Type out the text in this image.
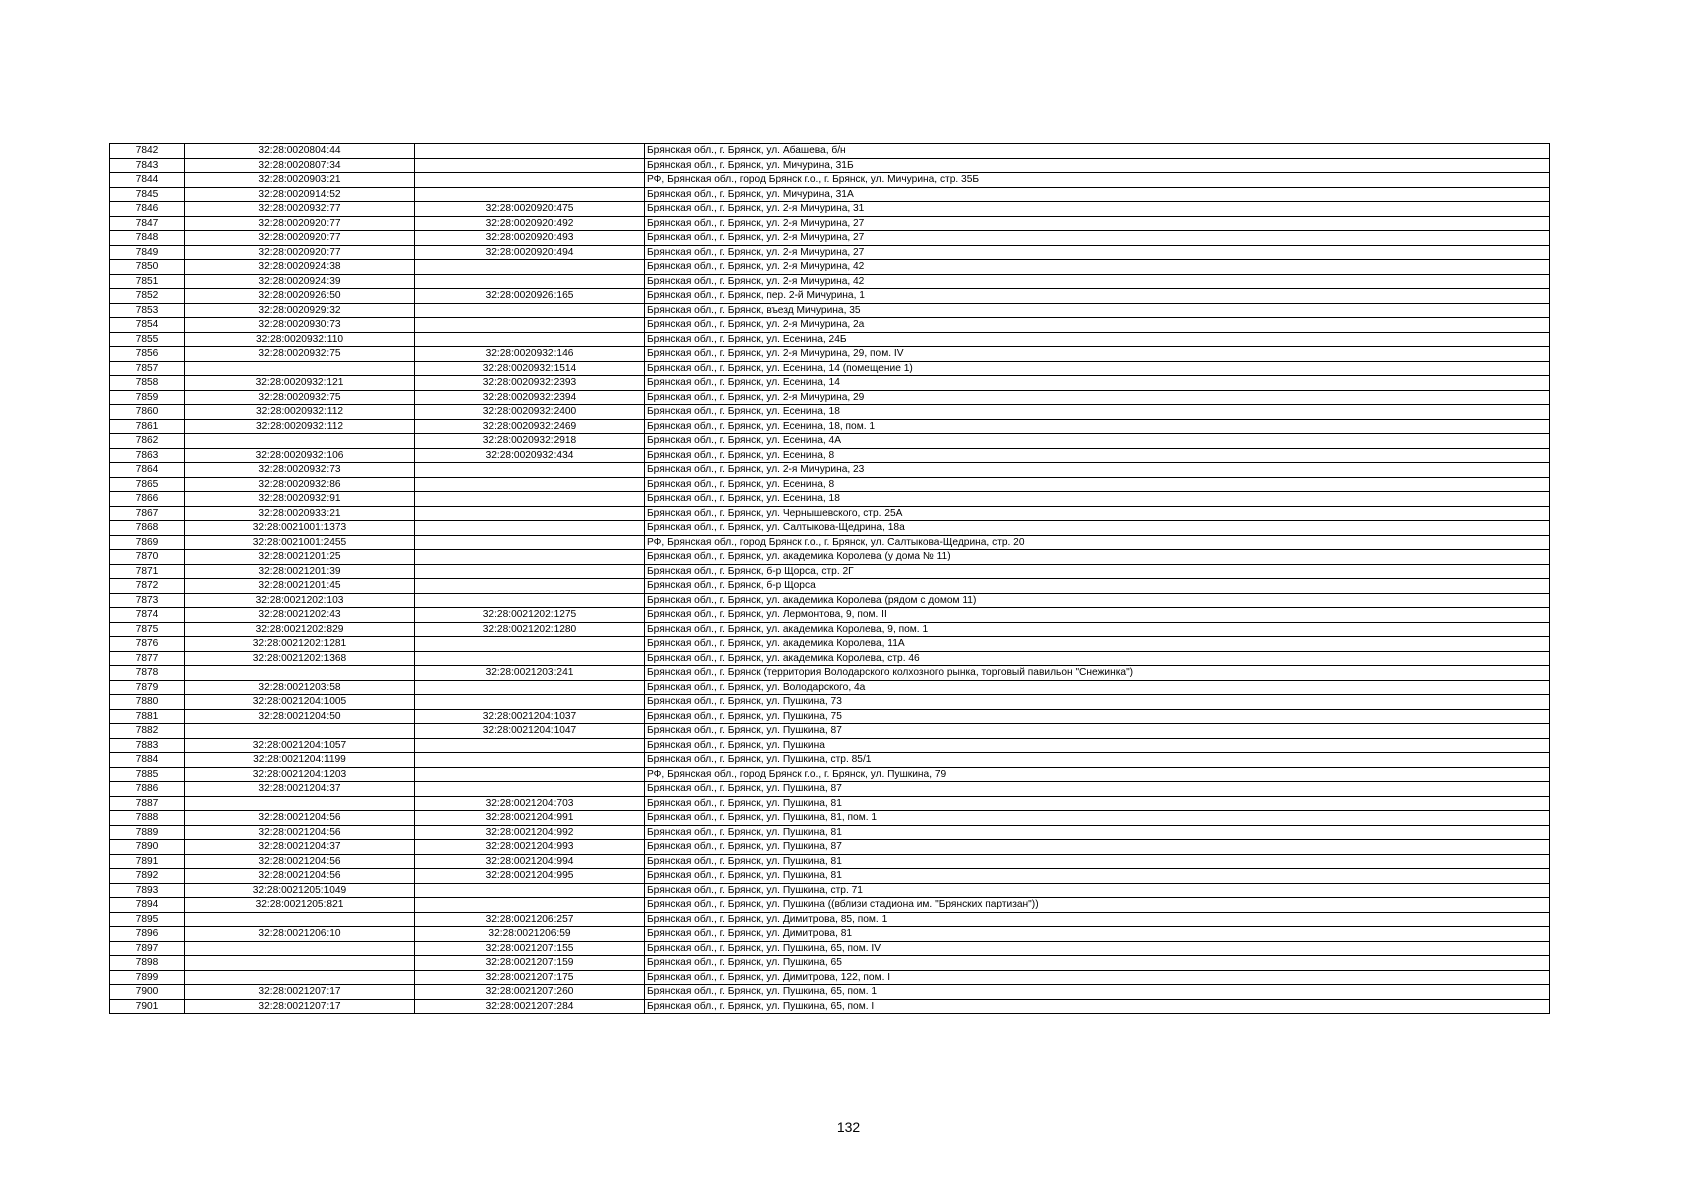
7842	32:28:0020804:44		Брянская обл., г. Брянск, ул. Абашева, б/н
7843	32:28:0020807:34		Брянская обл., г. Брянск, ул. Мичурина, 31Б
7844	32:28:0020903:21		РФ, Брянская обл., город Брянск г.о., г. Брянск, ул. Мичурина, стр. 35Б
7845	32:28:0020914:52		Брянская обл., г. Брянск, ул. Мичурина, 31А
7846	32:28:0020932:77	32:28:0020920:475	Брянская обл., г. Брянск, ул. 2-я Мичурина, 31
7847	32:28:0020920:77	32:28:0020920:492	Брянская обл., г. Брянск, ул. 2-я Мичурина, 27
7848	32:28:0020920:77	32:28:0020920:493	Брянская обл., г. Брянск, ул. 2-я Мичурина, 27
7849	32:28:0020920:77	32:28:0020920:494	Брянская обл., г. Брянск, ул. 2-я Мичурина, 27
7850	32:28:0020924:38		Брянская обл., г. Брянск, ул. 2-я Мичурина, 42
7851	32:28:0020924:39		Брянская обл., г. Брянск, ул. 2-я Мичурина, 42
7852	32:28:0020926:50	32:28:0020926:165	Брянская обл., г. Брянск, пер. 2-й Мичурина, 1
7853	32:28:0020929:32		Брянская обл., г. Брянск, въезд Мичурина, 35
7854	32:28:0020930:73		Брянская обл., г. Брянск, ул. 2-я Мичурина, 2а
7855	32:28:0020932:110		Брянская обл., г. Брянск, ул. Есенина, 24Б
7856	32:28:0020932:75	32:28:0020932:146	Брянская обл., г. Брянск, ул. 2-я Мичурина, 29, пом. IV
7857		32:28:0020932:1514	Брянская обл., г. Брянск, ул. Есенина, 14 (помещение 1)
7858	32:28:0020932:121	32:28:0020932:2393	Брянская обл., г. Брянск, ул. Есенина, 14
7859	32:28:0020932:75	32:28:0020932:2394	Брянская обл., г. Брянск, ул. 2-я Мичурина, 29
7860	32:28:0020932:112	32:28:0020932:2400	Брянская обл., г. Брянск, ул. Есенина, 18
7861	32:28:0020932:112	32:28:0020932:2469	Брянская обл., г. Брянск, ул. Есенина, 18, пом. 1
7862		32:28:0020932:2918	Брянская обл., г. Брянск, ул. Есенина, 4А
7863	32:28:0020932:106	32:28:0020932:434	Брянская обл., г. Брянск, ул. Есенина, 8
7864	32:28:0020932:73		Брянская обл., г. Брянск, ул. 2-я Мичурина, 23
7865	32:28:0020932:86		Брянская обл., г. Брянск, ул. Есенина, 8
7866	32:28:0020932:91		Брянская обл., г. Брянск, ул. Есенина, 18
7867	32:28:0020933:21		Брянская обл., г. Брянск, ул. Чернышевского, стр. 25А
7868	32:28:0021001:1373		Брянская обл., г. Брянск, ул. Салтыкова-Щедрина, 18а
7869	32:28:0021001:2455		РФ, Брянская обл., город Брянск г.о., г. Брянск, ул. Салтыкова-Щедрина, стр. 20
7870	32:28:0021201:25		Брянская обл., г. Брянск, ул. академика Королева (у дома № 11)
7871	32:28:0021201:39		Брянская обл., г. Брянск, б-р Щорса, стр. 2Г
7872	32:28:0021201:45		Брянская обл., г. Брянск, б-р Щорса
7873	32:28:0021202:103		Брянская обл., г. Брянск, ул. академика Королева (рядом с домом 11)
7874	32:28:0021202:43	32:28:0021202:1275	Брянская обл., г. Брянск, ул. Лермонтова, 9, пом. II
7875	32:28:0021202:829	32:28:0021202:1280	Брянская обл., г. Брянск, ул. академика Королева, 9, пом. 1
7876	32:28:0021202:1281		Брянская обл., г. Брянск, ул. академика Королева, 11А
7877	32:28:0021202:1368		Брянская обл., г. Брянск, ул. академика Королева, стр. 46
7878		32:28:0021203:241	Брянская обл., г. Брянск (территория Володарского колхозного рынка, торговый павильон "Снежинка")
7879	32:28:0021203:58		Брянская обл., г. Брянск, ул. Володарского, 4а
7880	32:28:0021204:1005		Брянская обл., г. Брянск, ул. Пушкина, 73
7881	32:28:0021204:50	32:28:0021204:1037	Брянская обл., г. Брянск, ул. Пушкина, 75
7882		32:28:0021204:1047	Брянская обл., г. Брянск, ул. Пушкина, 87
7883	32:28:0021204:1057		Брянская обл., г. Брянск, ул. Пушкина
7884	32:28:0021204:1199		Брянская обл., г. Брянск, ул. Пушкина, стр. 85/1
7885	32:28:0021204:1203		РФ, Брянская обл., город Брянск г.о., г. Брянск, ул. Пушкина, 79
7886	32:28:0021204:37		Брянская обл., г. Брянск, ул. Пушкина, 87
7887		32:28:0021204:703	Брянская обл., г. Брянск, ул. Пушкина, 81
7888	32:28:0021204:56	32:28:0021204:991	Брянская обл., г. Брянск, ул. Пушкина, 81, пом. 1
7889	32:28:0021204:56	32:28:0021204:992	Брянская обл., г. Брянск, ул. Пушкина, 81
7890	32:28:0021204:37	32:28:0021204:993	Брянская обл., г. Брянск, ул. Пушкина, 87
7891	32:28:0021204:56	32:28:0021204:994	Брянская обл., г. Брянск, ул. Пушкина, 81
7892	32:28:0021204:56	32:28:0021204:995	Брянская обл., г. Брянск, ул. Пушкина, 81
7893	32:28:0021205:1049		Брянская обл., г. Брянск, ул. Пушкина, стр. 71
7894	32:28:0021205:821		Брянская обл., г. Брянск, ул. Пушкина ((вблизи стадиона им. "Брянских партизан"))
7895		32:28:0021206:257	Брянская обл., г. Брянск, ул. Димитрова, 85, пом. 1
7896	32:28:0021206:10	32:28:0021206:59	Брянская обл., г. Брянск, ул. Димитрова, 81
7897		32:28:0021207:155	Брянская обл., г. Брянск, ул. Пушкина, 65, пом. IV
7898		32:28:0021207:159	Брянская обл., г. Брянск, ул. Пушкина, 65
7899		32:28:0021207:175	Брянская обл., г. Брянск, ул. Димитрова, 122, пом. I
7900	32:28:0021207:17	32:28:0021207:260	Брянская обл., г. Брянск, ул. Пушкина, 65, пом. 1
7901	32:28:0021207:17	32:28:0021207:284	Брянская обл., г. Брянск, ул. Пушкина, 65, пом. I
132
